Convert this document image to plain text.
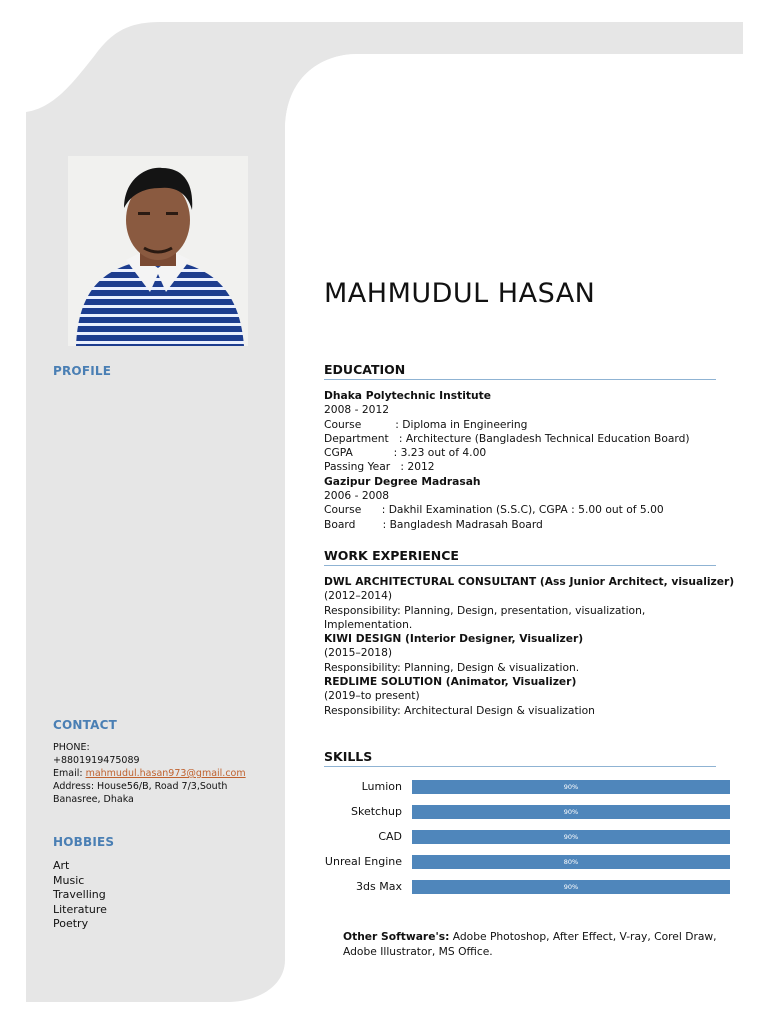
PROFILE
CONTACT
PHONE:
+8801919475089
Email: mahmudul.hasan973@gmail.com
Address: House56/B, Road 7/3,South
Banasree, Dhaka
HOBBIES
Art
Music
Travelling
Literature
Poetry
MAHMUDUL HASAN
EDUCATION
Dhaka Polytechnic Institute
2008 - 2012
Course          : Diploma in Engineering
Department   : Architecture (Bangladesh Technical Education Board)
CGPA            : 3.23 out of 4.00
Passing Year   : 2012
Gazipur Degree Madrasah
2006 - 2008
Course      : Dakhil Examination (S.S.C), CGPA : 5.00 out of 5.00
Board        : Bangladesh Madrasah Board
WORK EXPERIENCE
DWL ARCHITECTURAL CONSULTANT (Ass Junior Architect, visualizer)
(2012–2014)
Responsibility: Planning, Design, presentation, visualization,
Implementation.
KIWI DESIGN (Interior Designer, Visualizer)
(2015–2018)
Responsibility: Planning, Design & visualization.
REDLIME SOLUTION (Animator, Visualizer)
(2019–to present)
Responsibility: Architectural Design & visualization
SKILLS
Lumion	90%
Sketchup	90%
CAD	90%
Unreal Engine	80%
3ds Max	90%
Other Software's: Adobe Photoshop, After Effect, V-ray, Corel Draw, Adobe Illustrator, MS Office.
